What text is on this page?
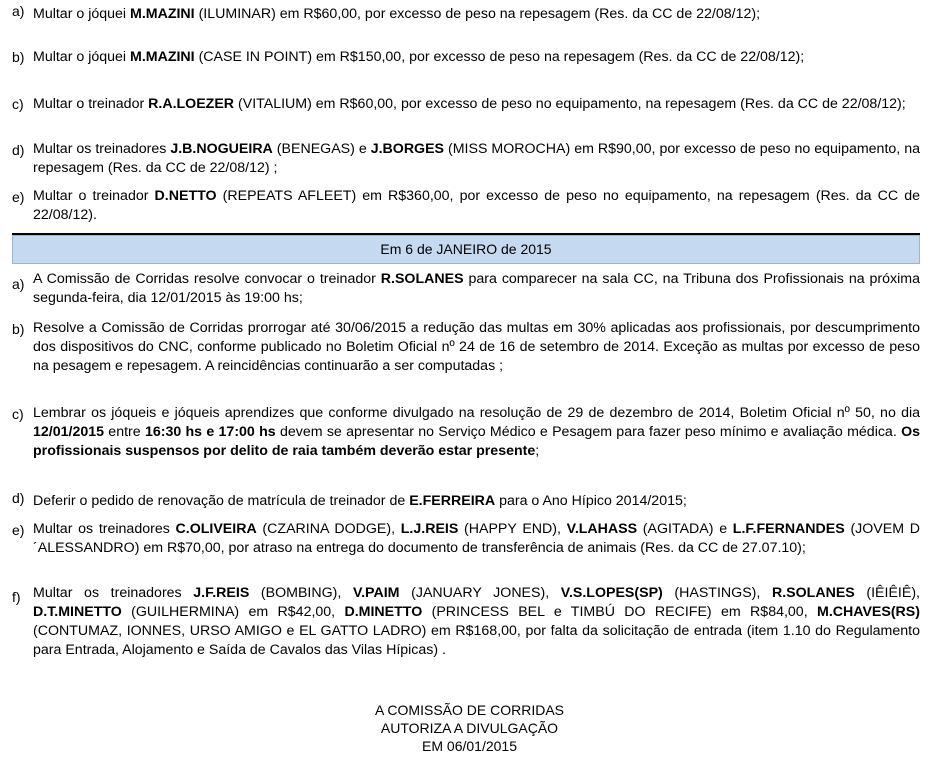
a) Multar o jóquei M.MAZINI (ILUMINAR) em R$60,00, por excesso de peso na repesagem (Res. da CC de 22/08/12);
b) Multar o jóquei M.MAZINI (CASE IN POINT) em R$150,00, por excesso de peso na repesagem (Res. da CC de 22/08/12);
c) Multar o treinador R.A.LOEZER (VITALIUM) em R$60,00, por excesso de peso no equipamento, na repesagem (Res. da CC de 22/08/12);
d) Multar os treinadores J.B.NOGUEIRA (BENEGAS) e J.BORGES (MISS MOROCHA) em R$90,00, por excesso de peso no equipamento, na repesagem (Res. da CC de 22/08/12) ;
e) Multar o treinador D.NETTO (REPEATS AFLEET) em R$360,00, por excesso de peso no equipamento, na repesagem (Res. da CC de 22/08/12).
Em 6 de JANEIRO de 2015
a) A Comissão de Corridas resolve convocar o treinador R.SOLANES para comparecer na sala CC, na Tribuna dos Profissionais na próxima segunda-feira, dia 12/01/2015 às 19:00 hs;
b) Resolve a Comissão de Corridas prorrogar até 30/06/2015 a redução das multas em 30% aplicadas aos profissionais, por descumprimento dos dispositivos do CNC, conforme publicado no Boletim Oficial nº 24 de 16 de setembro de 2014. Exceção as multas por excesso de peso na pesagem e repesagem. A reincidências continuarão a ser computadas ;
c) Lembrar os jóqueis e jóqueis aprendizes que conforme divulgado na resolução de 29 de dezembro de 2014, Boletim Oficial nº 50, no dia 12/01/2015 entre 16:30 hs e 17:00 hs devem se apresentar no Serviço Médico e Pesagem para fazer peso mínimo e avaliação médica. Os profissionais suspensos por delito de raia também deverão estar presente;
d) Deferir o pedido de renovação de matrícula de treinador de E.FERREIRA para o Ano Hípico 2014/2015;
e) Multar os treinadores C.OLIVEIRA (CZARINA DODGE), L.J.REIS (HAPPY END), V.LAHASS (AGITADA) e L.F.FERNANDES (JOVEM D´ALESSANDRO) em R$70,00, por atraso na entrega do documento de transferência de animais (Res. da CC de 27.07.10);
f) Multar os treinadores J.F.REIS (BOMBING), V.PAIM (JANUARY JONES), V.S.LOPES(SP) (HASTINGS), R.SOLANES (IÊIÊIÊ), D.T.MINETTO (GUILHERMINA) em R$42,00, D.MINETTO (PRINCESS BEL e TIMBÚ DO RECIFE) em R$84,00, M.CHAVES(RS) (CONTUMAZ, IONNES, URSO AMIGO e EL GATTO LADRO) em R$168,00, por falta da solicitação de entrada (item 1.10 do Regulamento para Entrada, Alojamento e Saída de Cavalos das Vilas Hípicas) .
A COMISSÃO DE CORRIDAS
AUTORIZA A DIVULGAÇÃO
EM 06/01/2015
